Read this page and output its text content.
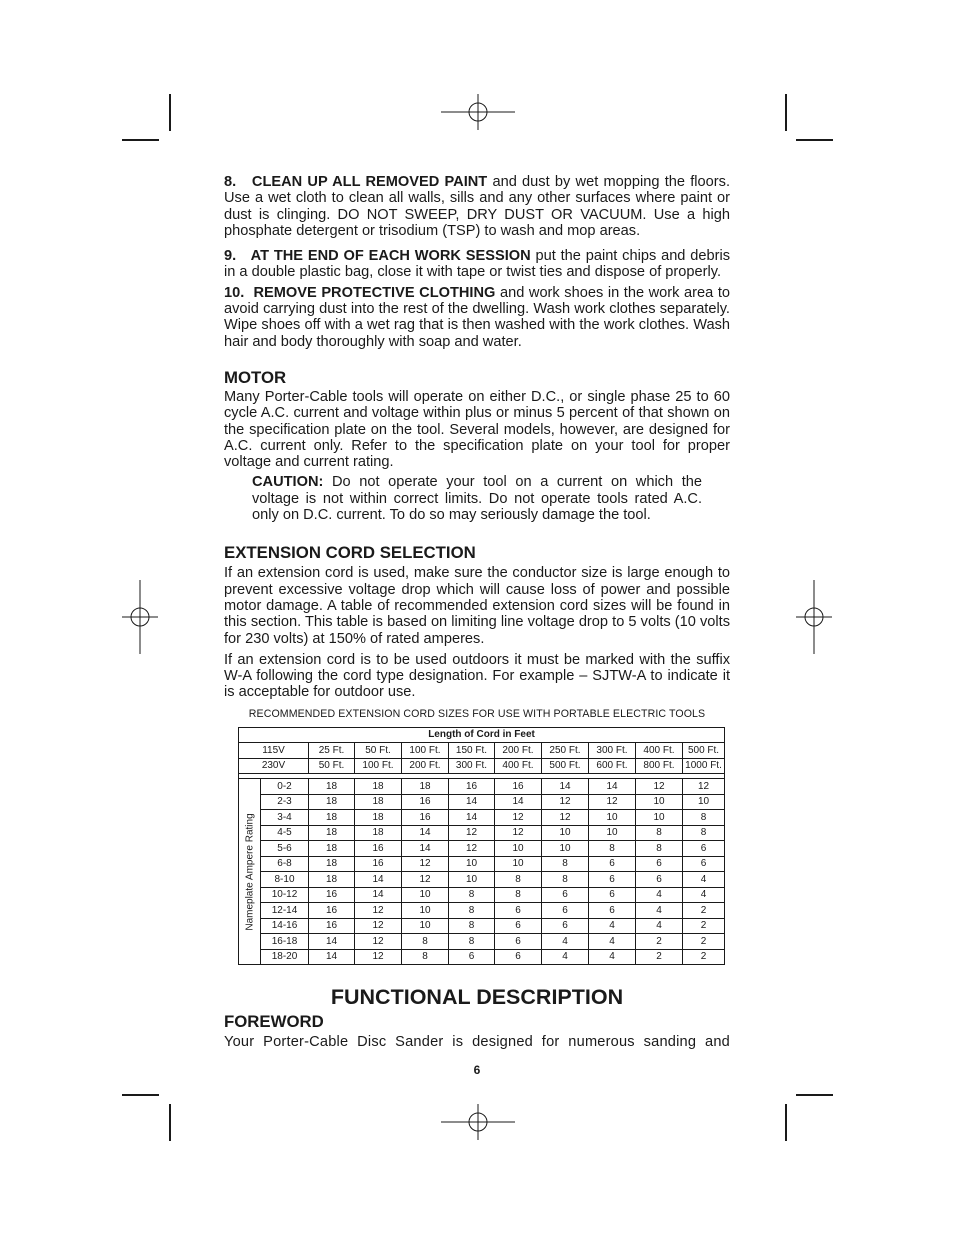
8. CLEAN UP ALL REMOVED PAINT and dust by wet mopping the floors. Use a wet cloth to clean all walls, sills and any other surfaces where paint or dust is clinging. DO NOT SWEEP, DRY DUST OR VACUUM. Use a high phosphate detergent or trisodium (TSP) to wash and mop areas.

9. AT THE END OF EACH WORK SESSION put the paint chips and debris in a double plastic bag, close it with tape or twist ties and dispose of properly.

10. REMOVE PROTECTIVE CLOTHING and work shoes in the work area to avoid carrying dust into the rest of the dwelling. Wash work clothes separately. Wipe shoes off with a wet rag that is then washed with the work clothes. Wash hair and body thoroughly with soap and water.

MOTOR

Many Porter-Cable tools will operate on either D.C., or single phase 25 to 60 cycle A.C. current and voltage within plus or minus 5 percent of that shown on the specification plate on the tool. Several models, however, are designed for A.C. current only. Refer to the specification plate on your tool for proper voltage and current rating.

CAUTION: Do not operate your tool on a current on which the voltage is not within correct limits. Do not operate tools rated A.C. only on D.C. current. To do so may seriously damage the tool.

EXTENSION CORD SELECTION

If an extension cord is used, make sure the conductor size is large enough to prevent excessive voltage drop which will cause loss of power and possible motor damage. A table of recommended extension cord sizes will be found in this section. This table is based on limiting line voltage drop to 5 volts (10 volts for 230 volts) at 150% of rated amperes.

If an extension cord is to be used outdoors it must be marked with the suffix W-A following the cord type designation. For example – SJTW-A to indicate it is acceptable for outdoor use.

RECOMMENDED EXTENSION CORD SIZES FOR USE WITH PORTABLE ELECTRIC TOOLS
Length of Cord in Feet										
115V		25 Ft.	50 Ft.	100 Ft.	150 Ft.	200 Ft.	250 Ft.	300 Ft.	400 Ft.	500 Ft.
230V		50 Ft.	100 Ft.	200 Ft.	300 Ft.	400 Ft.	500 Ft.	600 Ft.	800 Ft.	1000 Ft.

Nameplate Ampere Rating	0-2	18	18	18	16	16	14	14	12	12
	2-3	18	18	16	14	14	12	12	10	10
	3-4	18	18	16	14	12	12	10	10	8
	4-5	18	18	14	12	12	10	10	8	8
	5-6	18	16	14	12	10	10	8	8	6
	6-8	18	16	12	10	10	8	6	6	6
	8-10	18	14	12	10	8	8	6	6	4
	10-12	16	14	10	8	8	6	6	4	4
	12-14	16	12	10	8	6	6	6	4	2
	14-16	16	12	10	8	6	6	4	4	2
	16-18	14	12	8	8	6	4	4	2	2
	18-20	14	12	8	6	6	4	4	2	2
FUNCTIONAL DESCRIPTION
FOREWORD

Your Porter-Cable Disc Sander is designed for numerous sanding and

6
